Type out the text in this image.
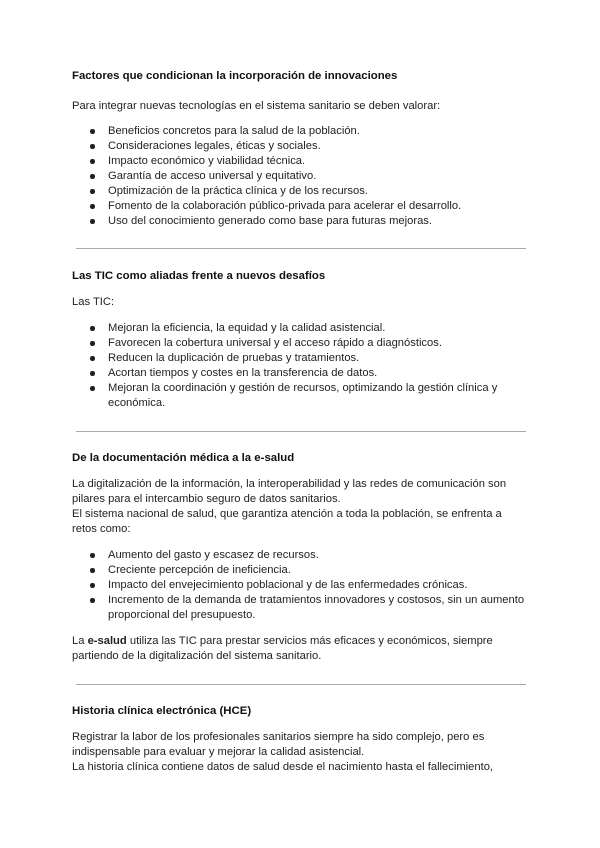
Factores que condicionan la incorporación de innovaciones

Para integrar nuevas tecnologías en el sistema sanitario se deben valorar:

Beneficios concretos para la salud de la población.
Consideraciones legales, éticas y sociales.
Impacto económico y viabilidad técnica.
Garantía de acceso universal y equitativo.
Optimización de la práctica clínica y de los recursos.
Fomento de la colaboración público-privada para acelerar el desarrollo.
Uso del conocimiento generado como base para futuras mejoras.
Las TIC como aliadas frente a nuevos desafíos

Las TIC:

Mejoran la eficiencia, la equidad y la calidad asistencial.
Favorecen la cobertura universal y el acceso rápido a diagnósticos.
Reducen la duplicación de pruebas y tratamientos.
Acortan tiempos y costes en la transferencia de datos.
Mejoran la coordinación y gestión de recursos, optimizando la gestión clínica y económica.
De la documentación médica a la e-salud

La digitalización de la información, la interoperabilidad y las redes de comunicación son pilares para el intercambio seguro de datos sanitarios.

El sistema nacional de salud, que garantiza atención a toda la población, se enfrenta a retos como:

Aumento del gasto y escasez de recursos.
Creciente percepción de ineficiencia.
Impacto del envejecimiento poblacional y de las enfermedades crónicas.
Incremento de la demanda de tratamientos innovadores y costosos, sin un aumento proporcional del presupuesto.

La e-salud utiliza las TIC para prestar servicios más eficaces y económicos, siempre partiendo de la digitalización del sistema sanitario.

Historia clínica electrónica (HCE)

Registrar la labor de los profesionales sanitarios siempre ha sido complejo, pero es indispensable para evaluar y mejorar la calidad asistencial.

La historia clínica contiene datos de salud desde el nacimiento hasta el fallecimiento,
